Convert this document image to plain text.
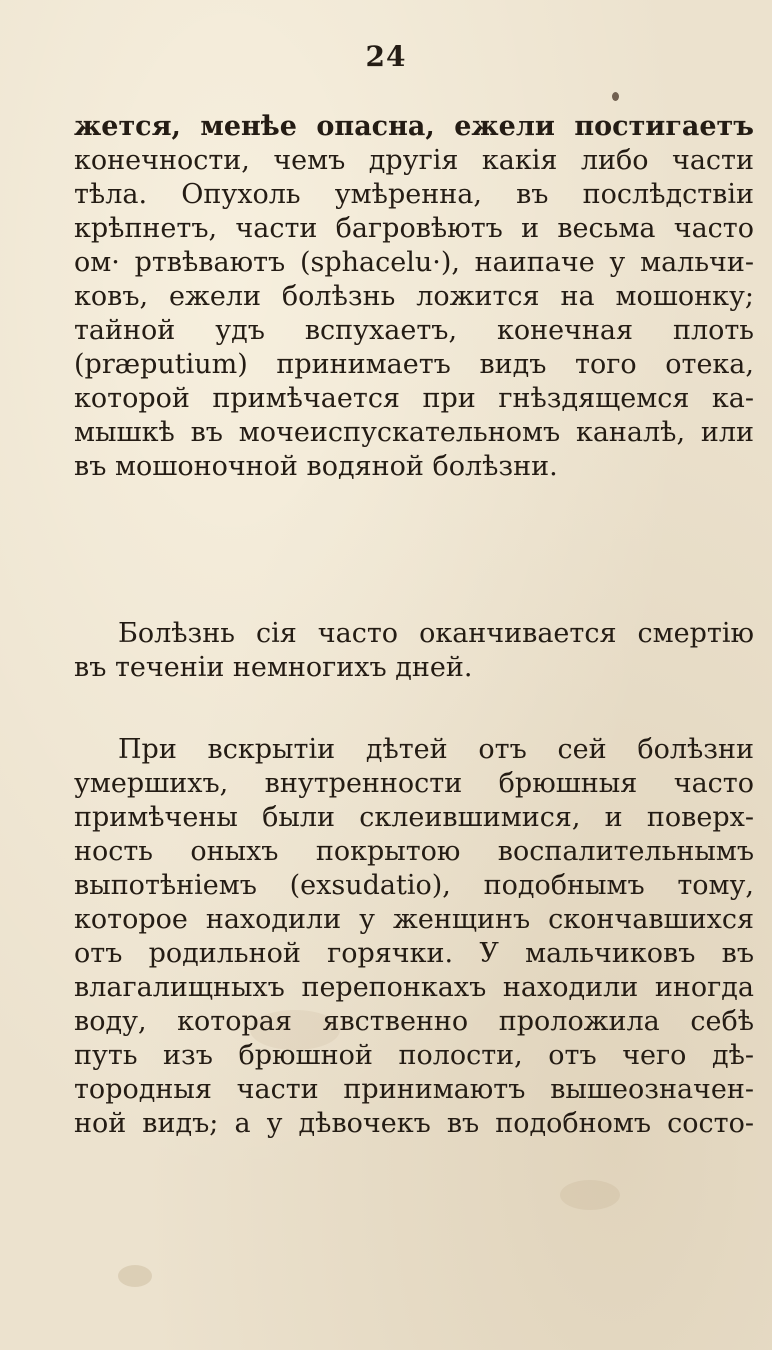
24
жется, менѣе опасна, ежели постигаетъ
конечности, чемъ другія какія либо части
тѣла. Опухоль умѣренна, въ послѣдствіи
крѣпнетъ, части багровѣютъ и весьма часто
ом· ртвѣваютъ (sphacelu·), наипаче у мальчи-
ковъ, ежели болѣзнь ложится на мошонку;
тайной удъ вспухаетъ, конечная плоть
(præputium) принимаетъ видъ того отека,
которой примѣчается при гнѣздящемся ка-
мышкѣ въ мочеиспускательномъ каналѣ, или
въ мошоночной водяной болѣзни.
Болѣзнь сія часто оканчивается смертію
въ теченіи немногихъ дней.
При вскрытіи дѣтей отъ сей болѣзни
умершихъ, внутренности брюшныя часто
примѣчены были склеившимися, и поверх-
ность оныхъ покрытою воспалительнымъ
выпотѣніемъ (exsudatio), подобнымъ тому,
которое находили у женщинъ скончавшихся
отъ родильной горячки. У мальчиковъ въ
влагалищныхъ перепонкахъ находили иногда
воду, которая явственно проложила себѣ
путь изъ брюшной полости, отъ чего дѣ-
тородныя части принимаютъ вышеозначен-
ной видъ; а у дѣвочекъ въ подобномъ состо-
